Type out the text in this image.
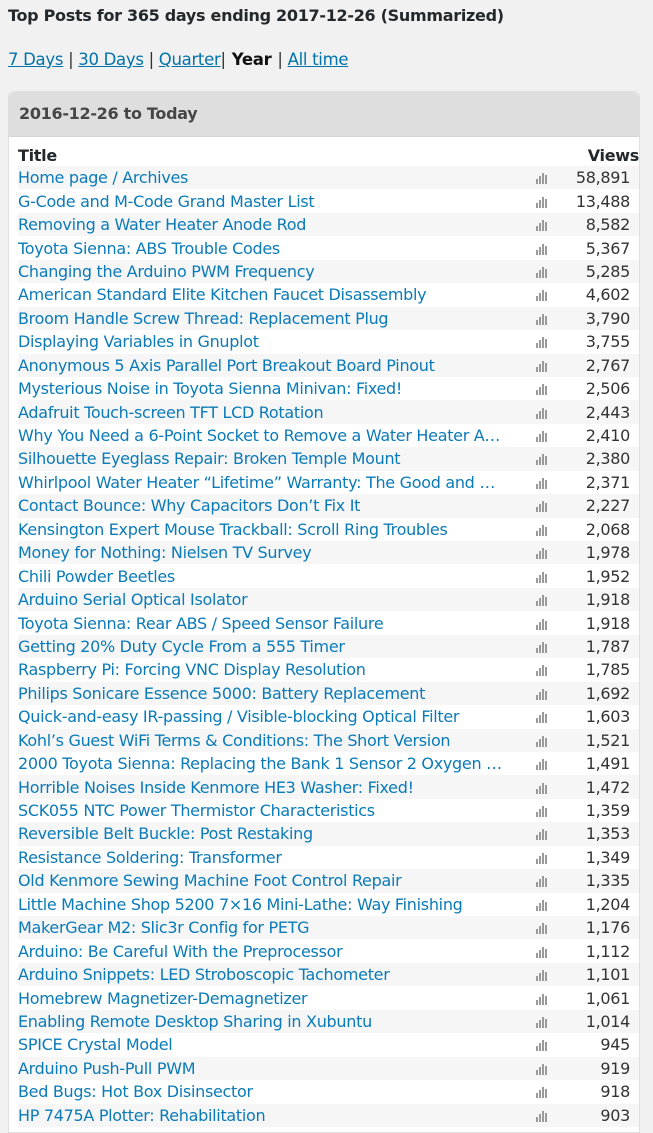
Top Posts for 365 days ending 2017-12-26 (Summarized)
7 Days | 30 Days | Quarter| Year | All time
2016-12-26 to Today
Title		Views
Home page / Archives		58,891
G-Code and M-Code Grand Master List		13,488
Removing a Water Heater Anode Rod		8,582
Toyota Sienna: ABS Trouble Codes		5,367
Changing the Arduino PWM Frequency		5,285
American Standard Elite Kitchen Faucet Disassembly		4,602
Broom Handle Screw Thread: Replacement Plug		3,790
Displaying Variables in Gnuplot		3,755
Anonymous 5 Axis Parallel Port Breakout Board Pinout		2,767
Mysterious Noise in Toyota Sienna Minivan: Fixed!		2,506
Adafruit Touch-screen TFT LCD Rotation		2,443
Why You Need a 6-Point Socket to Remove a Water Heater A…		2,410
Silhouette Eyeglass Repair: Broken Temple Mount		2,380
Whirlpool Water Heater “Lifetime” Warranty: The Good and …		2,371
Contact Bounce: Why Capacitors Don’t Fix It		2,227
Kensington Expert Mouse Trackball: Scroll Ring Troubles		2,068
Money for Nothing: Nielsen TV Survey		1,978
Chili Powder Beetles		1,952
Arduino Serial Optical Isolator		1,918
Toyota Sienna: Rear ABS / Speed Sensor Failure		1,918
Getting 20% Duty Cycle From a 555 Timer		1,787
Raspberry Pi: Forcing VNC Display Resolution		1,785
Philips Sonicare Essence 5000: Battery Replacement		1,692
Quick-and-easy IR-passing / Visible-blocking Optical Filter		1,603
Kohl’s Guest WiFi Terms & Conditions: The Short Version		1,521
2000 Toyota Sienna: Replacing the Bank 1 Sensor 2 Oxygen …		1,491
Horrible Noises Inside Kenmore HE3 Washer: Fixed!		1,472
SCK055 NTC Power Thermistor Characteristics		1,359
Reversible Belt Buckle: Post Restaking		1,353
Resistance Soldering: Transformer		1,349
Old Kenmore Sewing Machine Foot Control Repair		1,335
Little Machine Shop 5200 7×16 Mini-Lathe: Way Finishing		1,204
MakerGear M2: Slic3r Config for PETG		1,176
Arduino: Be Careful With the Preprocessor		1,112
Arduino Snippets: LED Stroboscopic Tachometer		1,101
Homebrew Magnetizer-Demagnetizer		1,061
Enabling Remote Desktop Sharing in Xubuntu		1,014
SPICE Crystal Model		945
Arduino Push-Pull PWM		919
Bed Bugs: Hot Box Disinsector		918
HP 7475A Plotter: Rehabilitation		903
